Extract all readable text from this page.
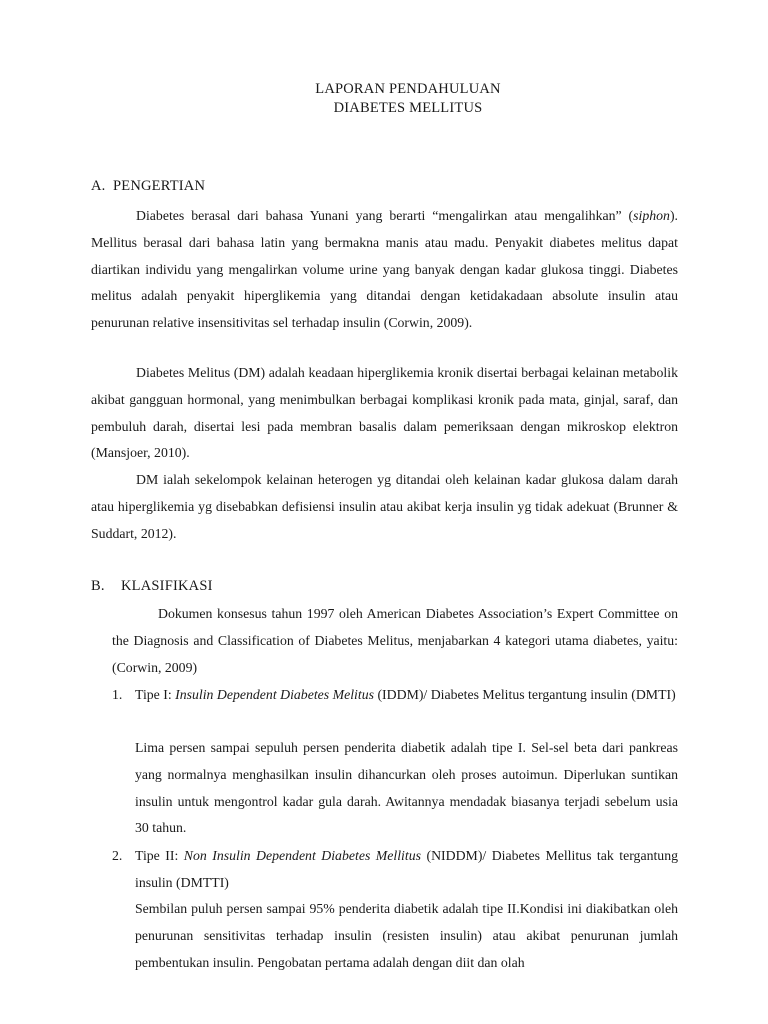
LAPORAN PENDAHULUAN
DIABETES MELLITUS
A. PENGERTIAN
Diabetes berasal dari bahasa Yunani yang berarti “mengalirkan atau mengalihkan” (siphon). Mellitus berasal dari bahasa latin yang bermakna manis atau madu. Penyakit diabetes melitus dapat diartikan individu yang mengalirkan volume urine yang banyak dengan kadar glukosa tinggi. Diabetes melitus adalah penyakit hiperglikemia yang ditandai dengan ketidakadaan absolute insulin atau penurunan relative insensitivitas sel terhadap insulin (Corwin, 2009).
Diabetes Melitus (DM) adalah keadaan hiperglikemia kronik disertai berbagai kelainan metabolik akibat gangguan hormonal, yang menimbulkan berbagai komplikasi kronik pada mata, ginjal, saraf, dan pembuluh darah, disertai lesi pada membran basalis dalam pemeriksaan dengan mikroskop elektron (Mansjoer, 2010).
DM ialah sekelompok kelainan heterogen yg ditandai oleh kelainan kadar glukosa dalam darah atau hiperglikemia yg disebabkan defisiensi insulin atau akibat kerja insulin yg tidak adekuat (Brunner & Suddart, 2012).
B. KLASIFIKASI
Dokumen konsesus tahun 1997 oleh American Diabetes Association’s Expert Committee on the Diagnosis and Classification of Diabetes Melitus, menjabarkan 4 kategori utama diabetes, yaitu: (Corwin, 2009)
1. Tipe I: Insulin Dependent Diabetes Melitus (IDDM)/ Diabetes Melitus tergantung insulin (DMTI)
Lima persen sampai sepuluh persen penderita diabetik adalah tipe I. Sel-sel beta dari pankreas yang normalnya menghasilkan insulin dihancurkan oleh proses autoimun. Diperlukan suntikan insulin untuk mengontrol kadar gula darah. Awitannya mendadak biasanya terjadi sebelum usia 30 tahun.
2. Tipe II: Non Insulin Dependent Diabetes Mellitus (NIDDM)/ Diabetes Mellitus tak tergantung insulin (DMTTI)
Sembilan puluh persen sampai 95% penderita diabetik adalah tipe II.Kondisi ini diakibatkan oleh penurunan sensitivitas terhadap insulin (resisten insulin) atau akibat penurunan jumlah pembentukan insulin. Pengobatan pertama adalah dengan diit dan olah
